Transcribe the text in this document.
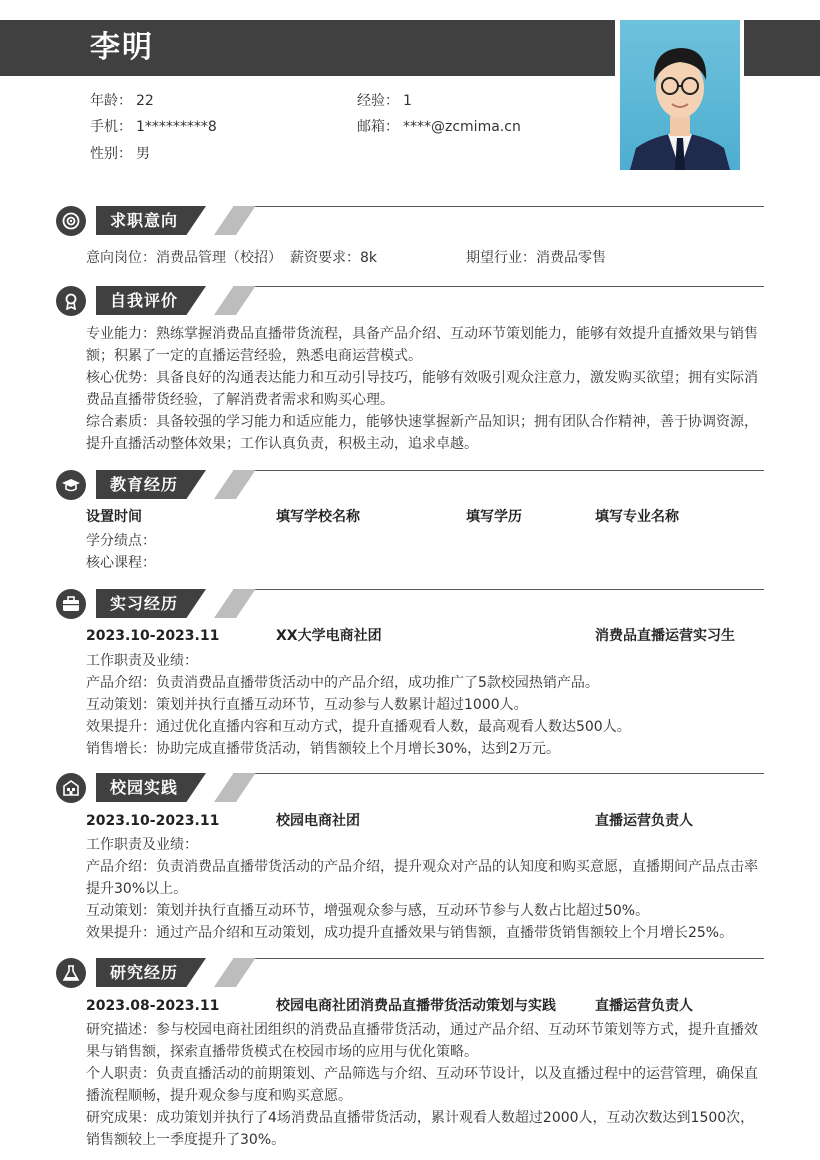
李明
年龄： 22	经验： 1
手机： 1*********8	邮箱： ****@zcmima.cn
性别： 男
求职意向
意向岗位：消费品管理（校招） 薪资要求：8k	期望行业：消费品零售
自我评价
专业能力：熟练掌握消费品直播带货流程，具备产品介绍、互动环节策划能力，能够有效提升直播效果与销售额；积累了一定的直播运营经验，熟悉电商运营模式。
核心优势：具备良好的沟通表达能力和互动引导技巧，能够有效吸引观众注意力，激发购买欲望；拥有实际消费品直播带货经验，了解消费者需求和购买心理。
综合素质：具备较强的学习能力和适应能力，能够快速掌握新产品知识；拥有团队合作精神，善于协调资源，提升直播活动整体效果；工作认真负责，积极主动，追求卓越。
教育经历
设置时间	填写学校名称	填写学历	填写专业名称
学分绩点：
核心课程：
实习经历
2023.10-2023.11	XX大学电商社团	消费品直播运营实习生
工作职责及业绩：
产品介绍：负责消费品直播带货活动中的产品介绍，成功推广了5款校园热销产品。
互动策划：策划并执行直播互动环节，互动参与人数累计超过1000人。
效果提升：通过优化直播内容和互动方式，提升直播观看人数，最高观看人数达500人。
销售增长：协助完成直播带货活动，销售额较上个月增长30%，达到2万元。
校园实践
2023.10-2023.11	校园电商社团	直播运营负责人
工作职责及业绩：
产品介绍：负责消费品直播带货活动的产品介绍，提升观众对产品的认知度和购买意愿，直播期间产品点击率提升30%以上。
互动策划：策划并执行直播互动环节，增强观众参与感，互动环节参与人数占比超过50%。
效果提升：通过产品介绍和互动策划，成功提升直播效果与销售额，直播带货销售额较上个月增长25%。
研究经历
2023.08-2023.11	校园电商社团消费品直播带货活动策划与实践	直播运营负责人
研究描述：参与校园电商社团组织的消费品直播带货活动，通过产品介绍、互动环节策划等方式，提升直播效果与销售额，探索直播带货模式在校园市场的应用与优化策略。
个人职责：负责直播活动的前期策划、产品筛选与介绍、互动环节设计，以及直播过程中的运营管理，确保直播流程顺畅，提升观众参与度和购买意愿。
研究成果：成功策划并执行了4场消费品直播带货活动，累计观看人数超过2000人，互动次数达到1500次，销售额较上一季度提升了30%。
